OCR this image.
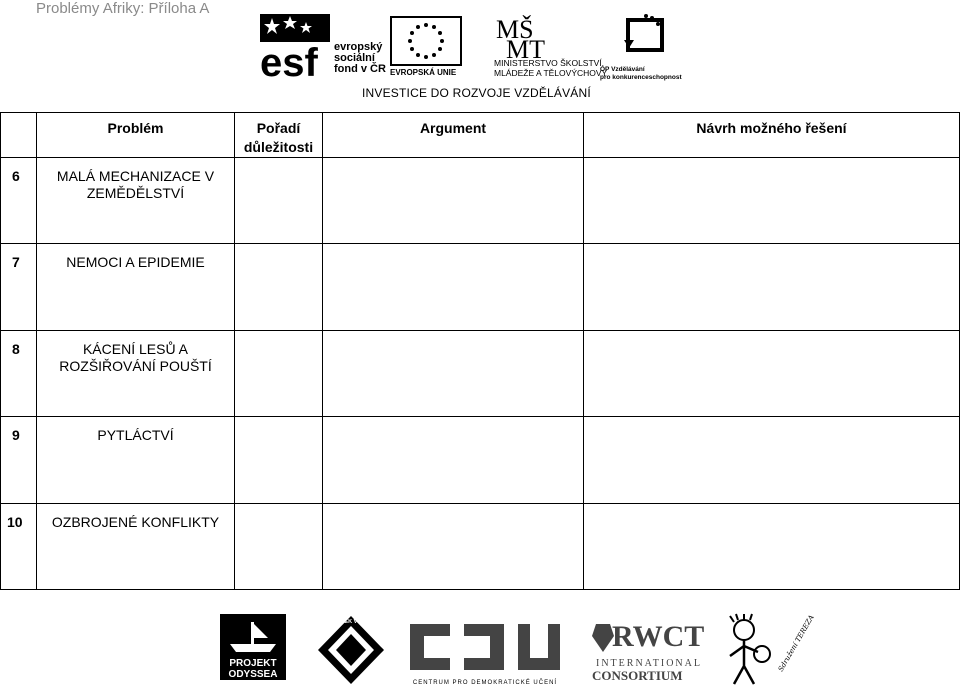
Problémy Afriky: Příloha A
esf evropský
sociální
fond v ČR EVROPSKÁ UNIE
MŠ
MT
MINISTERSTVO ŠKOLSTVÍ,
MLÁDEŽE A TĚLOVÝCHOVY
OP Vzdělávání
pro konkurenceschopnost
INVESTICE DO ROZVOJE VZDĚLÁVÁNÍ
	Problém	Pořadí důležitosti	Argument	Návrh možného řešení
6	MALÁ MECHANIZACE V ZEMĚDĚLSTVÍ			
7	NEMOCI A EPIDEMIE			
8	KÁCENÍ LESŮ A ROZŠIŘOVÁNÍ POUŠTÍ			
9	PYTLÁCTVÍ			
10	OZBROJENÉ KONFLIKTY			
PROJEKT
ODYSSEA
ČLOVĚK V TÍSNI
CENTRUM PRO DEMOKRATICKÉ UČENÍ
RWCT
INTERNATIONAL
CONSORTIUM
Sdružení TEREZA
